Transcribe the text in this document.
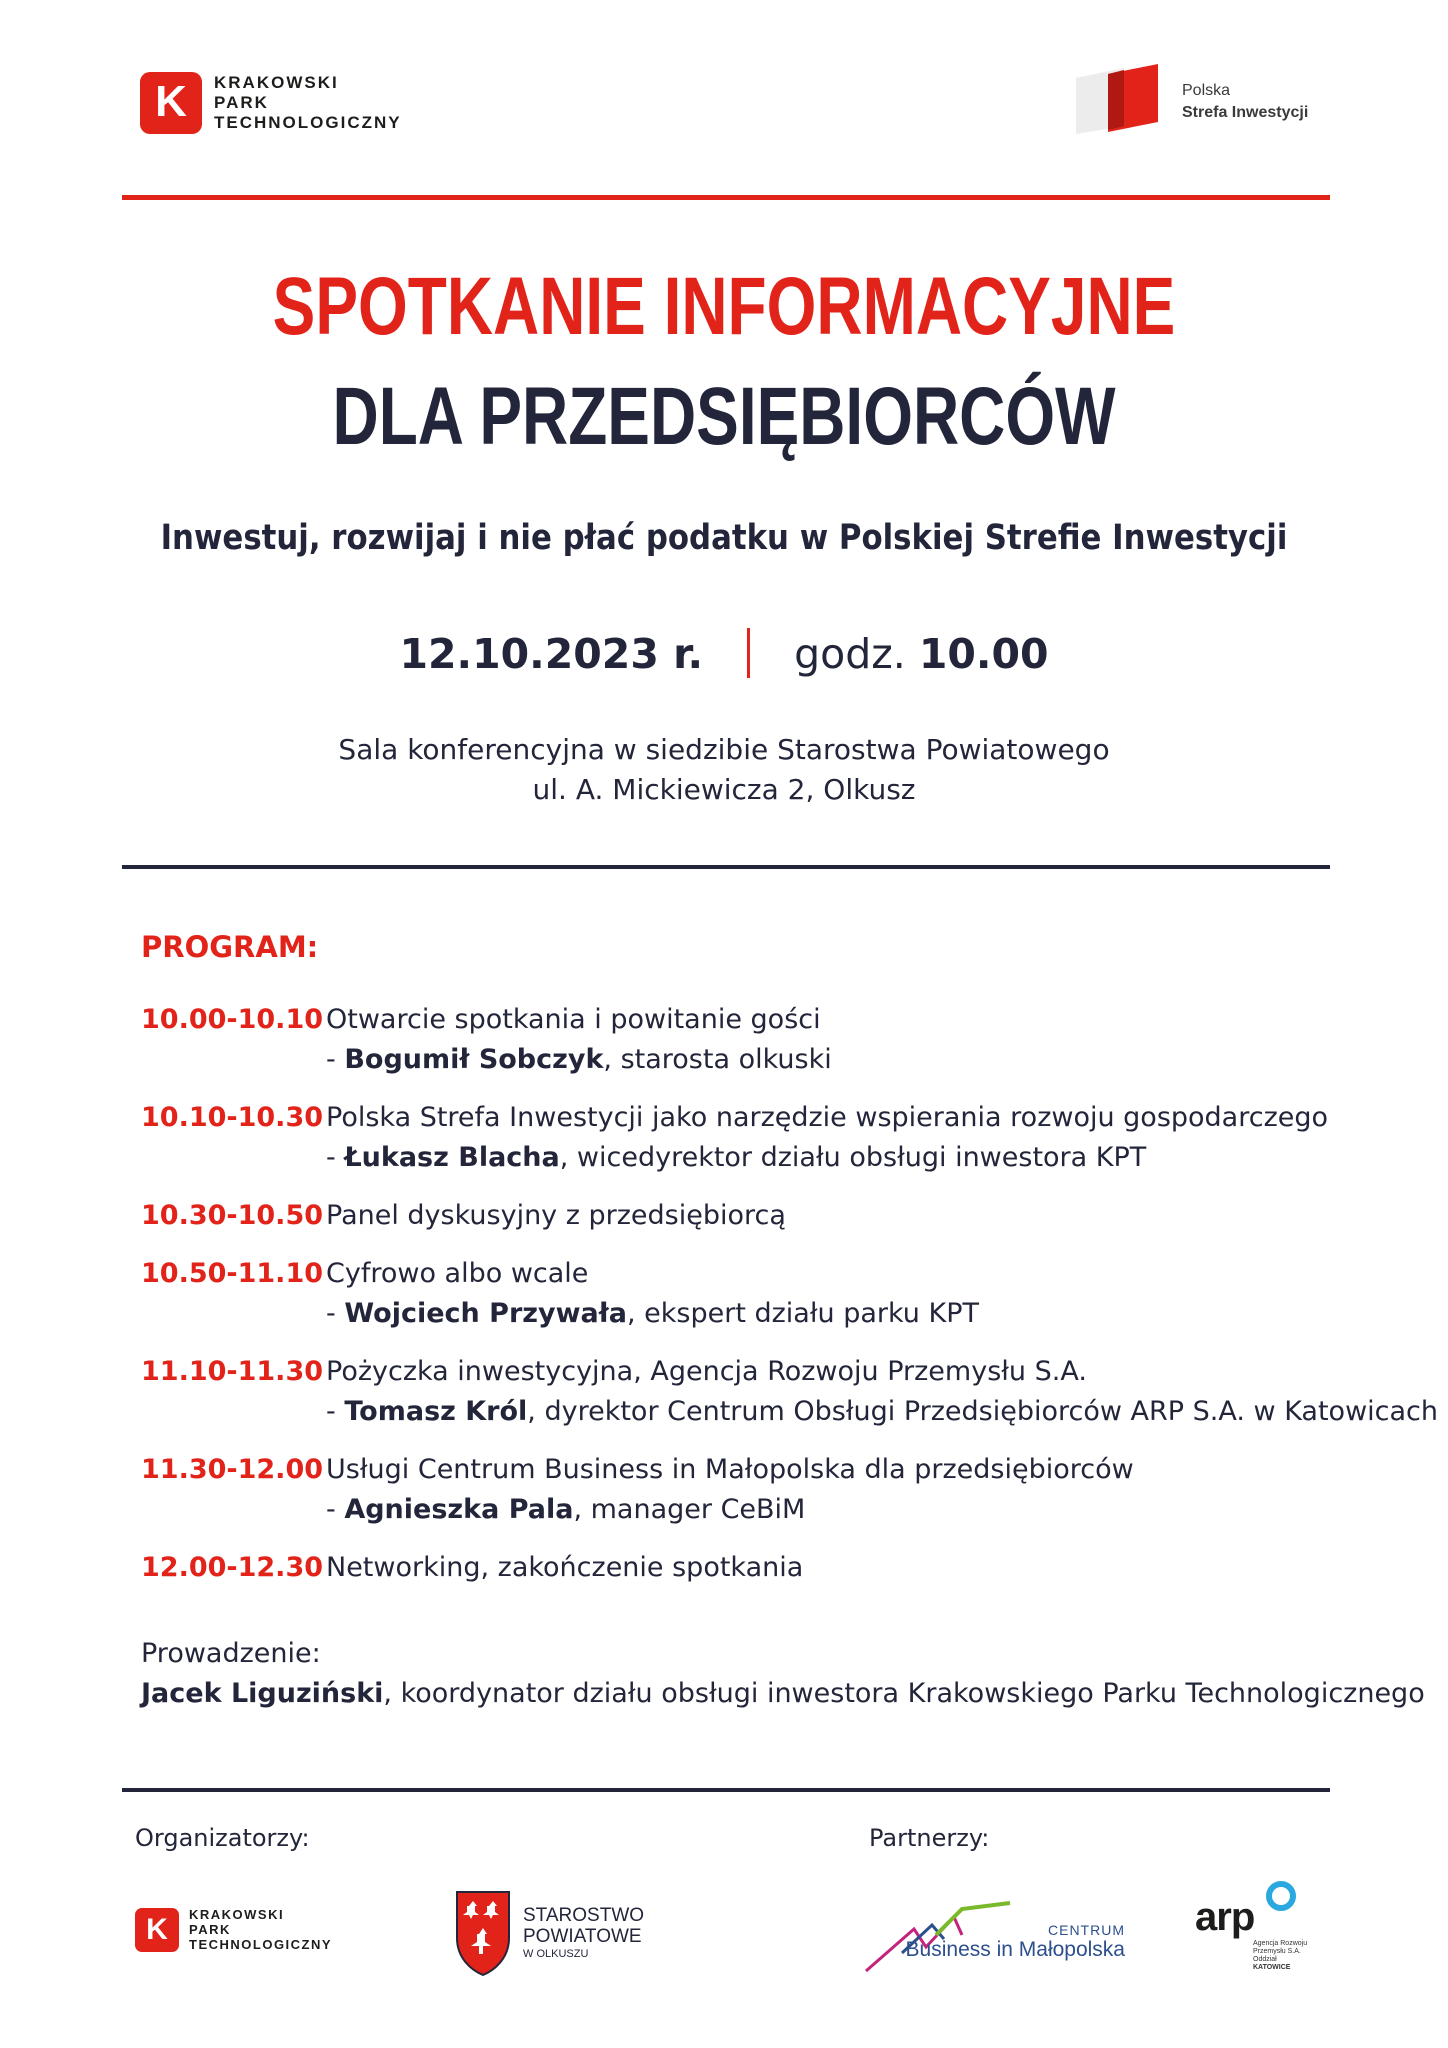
K	KRAKOWSKI
PARK
TECHNOLOGICZNY
Polska
Strefa Inwestycji
SPOTKANIE INFORMACYJNE
DLA PRZEDSIĘBIORCÓW
Inwestuj, rozwijaj i nie płać podatku w Polskiej Strefie Inwestycji
12.10.2023 r. godz. 10.00
Sala konferencyjna w siedzibie Starostwa Powiatowego
ul. A. Mickiewicza 2, Olkusz
PROGRAM:
10.00-10.10 Otwarcie spotkania i powitanie gości
- Bogumił Sobczyk, starosta olkuski
10.10-10.30 Polska Strefa Inwestycji jako narzędzie wspierania rozwoju gospodarczego
- Łukasz Blacha, wicedyrektor działu obsługi inwestora KPT
10.30-10.50 Panel dyskusyjny z przedsiębiorcą
10.50-11.10 Cyfrowo albo wcale
- Wojciech Przywała, ekspert działu parku KPT
11.10-11.30 Pożyczka inwestycyjna, Agencja Rozwoju Przemysłu S.A.
- Tomasz Król, dyrektor Centrum Obsługi Przedsiębiorców ARP S.A. w Katowicach
11.30-12.00 Usługi Centrum Business in Małopolska dla przedsiębiorców
- Agnieszka Pala, manager CeBiM
12.00-12.30 Networking, zakończenie spotkania
Prowadzenie:
Jacek Liguziński, koordynator działu obsługi inwestora Krakowskiego Parku Technologicznego
Organizatorzy:	Partnerzy:
K	KRAKOWSKI
PARK
TECHNOLOGICZNY
STAROSTWO
POWIATOWE
W OLKUSZU
CENTRUM
Business in Małopolska
arp
Agencja Rozwoju
Przemysłu S.A.
Oddział
KATOWICE
